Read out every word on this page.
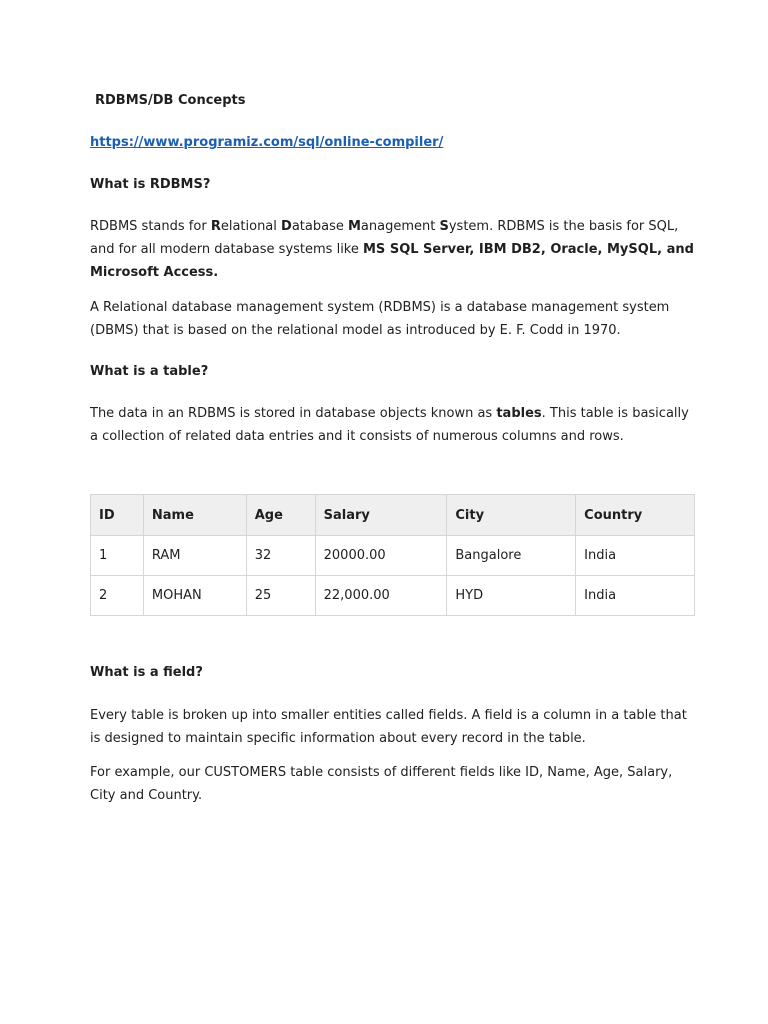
RDBMS/DB Concepts
https://www.programiz.com/sql/online-compiler/
What is RDBMS?
RDBMS stands for Relational Database Management System. RDBMS is the basis for SQL,
and for all modern database systems like MS SQL Server, IBM DB2, Oracle, MySQL, and
Microsoft Access.
A Relational database management system (RDBMS) is a database management system
(DBMS) that is based on the relational model as introduced by E. F. Codd in 1970.
What is a table?
The data in an RDBMS is stored in database objects known as tables. This table is basically
a collection of related data entries and it consists of numerous columns and rows.
ID	Name	Age	Salary	City	Country
1	RAM	32	20000.00	Bangalore	India
2	MOHAN	25	22,000.00	HYD	India
What is a field?
Every table is broken up into smaller entities called fields. A field is a column in a table that
is designed to maintain specific information about every record in the table.
For example, our CUSTOMERS table consists of different fields like ID, Name, Age, Salary,
City and Country.
